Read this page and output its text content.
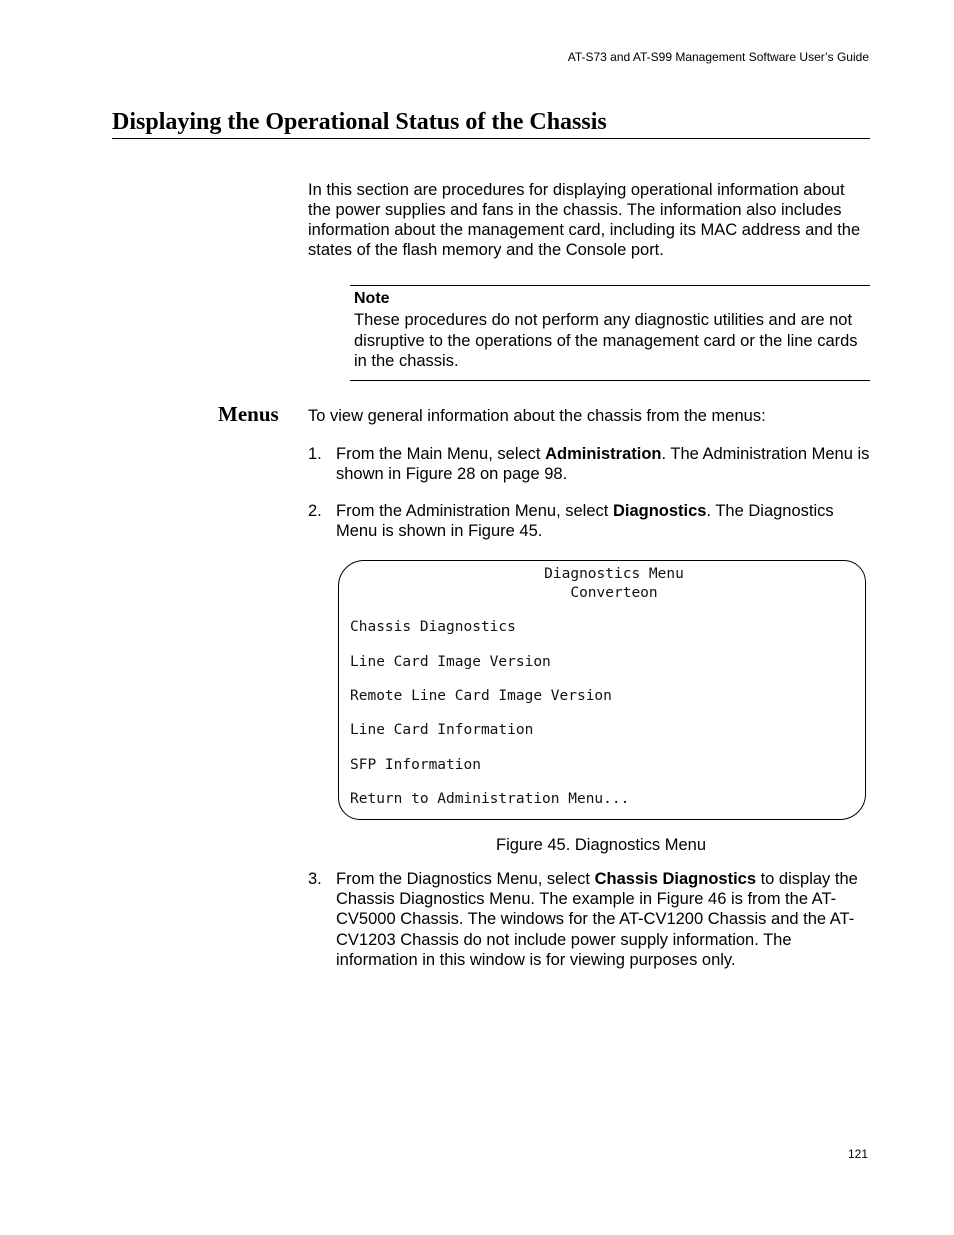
AT-S73 and AT-S99 Management Software User’s Guide
Displaying the Operational Status of the Chassis

In this section are procedures for displaying operational information about the power supplies and fans in the chassis. The information also includes information about the management card, including its MAC address and the states of the flash memory and the Console port.

Note
These procedures do not perform any diagnostic utilities and are not disruptive to the operations of the management card or the line cards in the chassis.
Menus To view general information about the chassis from the menus:

1. From the Main Menu, select Administration. The Administration Menu is shown in Figure 28 on page 98.
2. From the Administration Menu, select Diagnostics. The Diagnostics Menu is shown in Figure 45.
Diagnostics Menu
Converteon
Chassis Diagnostics
Line Card Image Version
Remote Line Card Image Version
Line Card Information
SFP Information
Return to Administration Menu...
Figure 45. Diagnostics Menu
3. From the Diagnostics Menu, select Chassis Diagnostics to display the Chassis Diagnostics Menu. The example in Figure 46 is from the AT-CV5000 Chassis. The windows for the AT-CV1200 Chassis and the AT-CV1203 Chassis do not include power supply information. The information in this window is for viewing purposes only.
121
